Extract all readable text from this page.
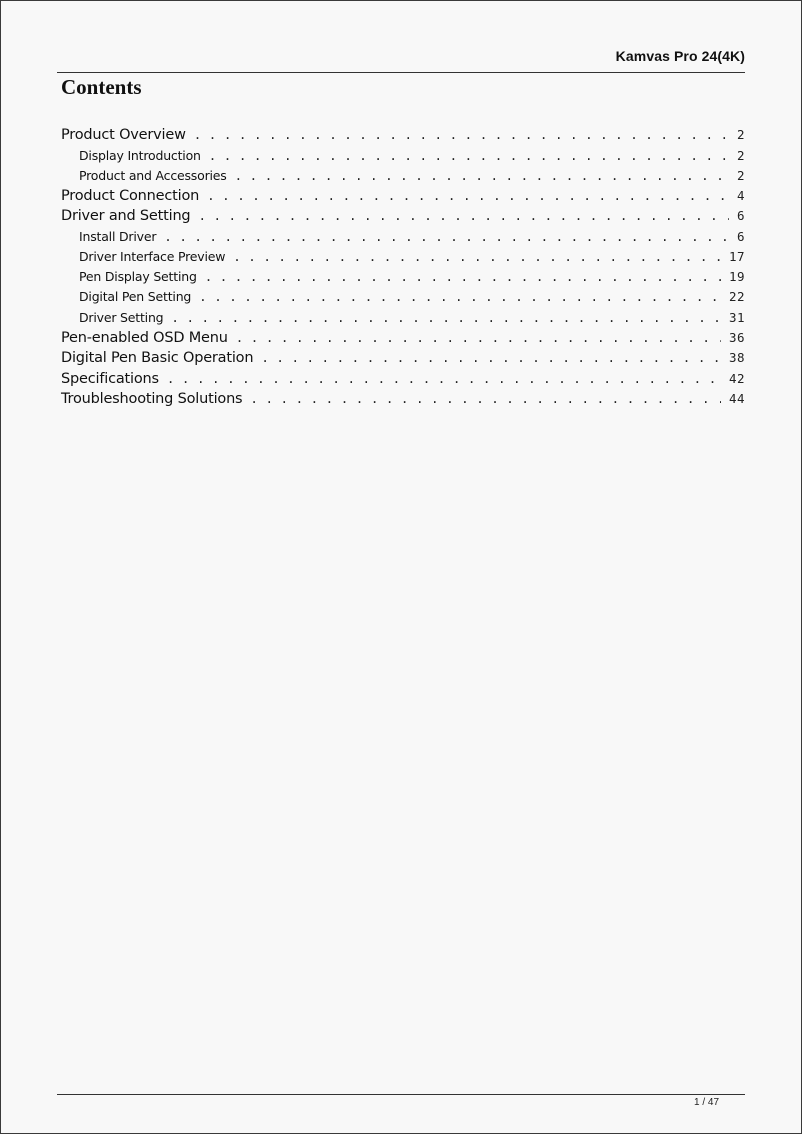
Kamvas Pro 24(4K)
Contents
Product Overview . . .	2
Display Introduction . . .	2
Product and Accessories . . .	2
Product Connection . . .	4
Driver and Setting . . .	6
Install Driver . . .	6
Driver Interface Preview . . .	17
Pen Display Setting . . .	19
Digital Pen Setting . . .	22
Driver Setting . . .	31
Pen-enabled OSD Menu . . .	36
Digital Pen Basic Operation . . .	38
Specifications . . .	42
Troubleshooting Solutions . . .	44
1 / 47
